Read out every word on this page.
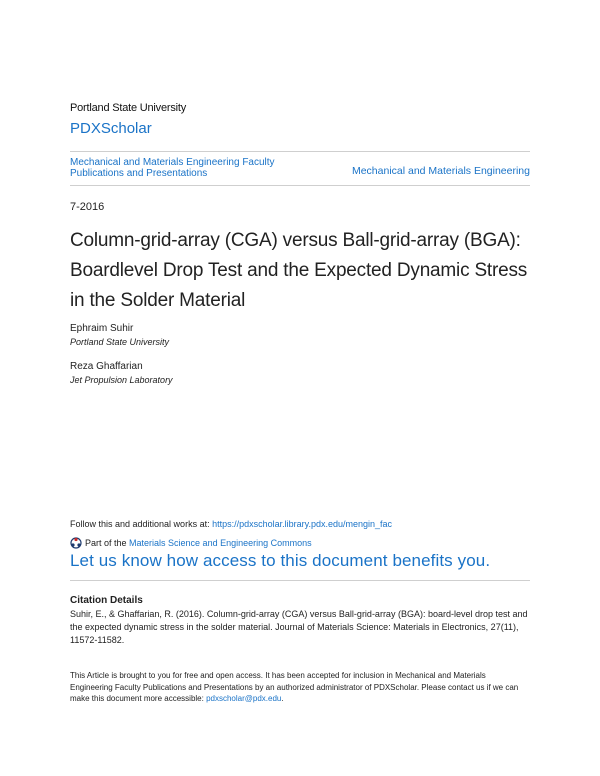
Portland State University
PDXScholar
Mechanical and Materials Engineering Faculty Publications and Presentations	Mechanical and Materials Engineering
7-2016
Column-grid-array (CGA) versus Ball-grid-array (BGA): Boardlevel Drop Test and the Expected Dynamic Stress in the Solder Material
Ephraim Suhir
Portland State University
Reza Ghaffarian
Jet Propulsion Laboratory
Follow this and additional works at: https://pdxscholar.library.pdx.edu/mengin_fac
Part of the Materials Science and Engineering Commons
Let us know how access to this document benefits you.
Citation Details
Suhir, E., & Ghaffarian, R. (2016). Column-grid-array (CGA) versus Ball-grid-array (BGA): board-level drop test and the expected dynamic stress in the solder material. Journal of Materials Science: Materials in Electronics, 27(11), 11572-11582.
This Article is brought to you for free and open access. It has been accepted for inclusion in Mechanical and Materials Engineering Faculty Publications and Presentations by an authorized administrator of PDXScholar. Please contact us if we can make this document more accessible: pdxscholar@pdx.edu.
